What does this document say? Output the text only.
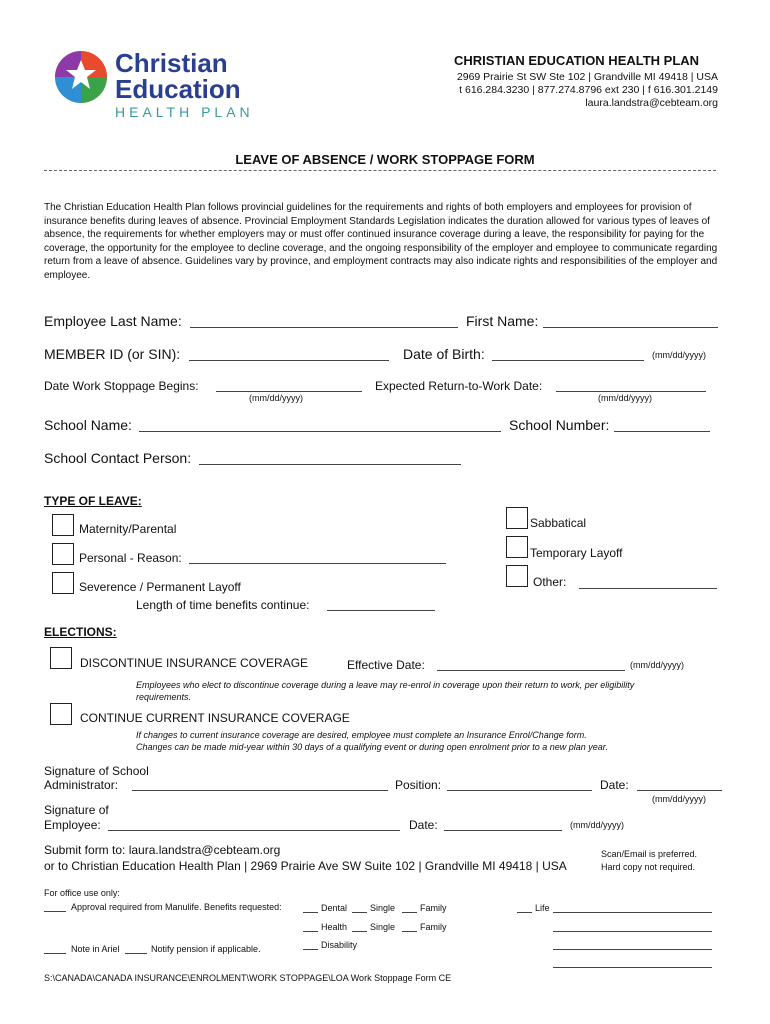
Christian
Education
HEALTH PLAN
CHRISTIAN EDUCATION HEALTH PLAN
2969 Prairie St SW Ste 102 | Grandville MI 49418 | USA
t 616.284.3230 | 877.274.8796 ext 230 | f 616.301.2149
laura.landstra@cebteam.org
LEAVE OF ABSENCE / WORK STOPPAGE FORM
The Christian Education Health Plan follows provincial guidelines for the requirements and rights of both employers and employees for provision of insurance benefits during leaves of absence. Provincial Employment Standards Legislation indicates the duration allowed for various types of leaves of absence, the requirements for whether employers may or must offer continued insurance coverage during a leave, the responsibility for paying for the coverage, the opportunity for the employee to decline coverage, and the ongoing responsibility of the employer and employee to communicate regarding return from a leave of absence. Guidelines vary by province, and employment contracts may also indicate rights and responsibilities of the employer and employee.
Employee Last Name:	First Name:
MEMBER ID (or SIN):	Date of Birth:	(mm/dd/yyyy)
Date Work Stoppage Begins:
(mm/dd/yyyy)
Expected Return-to-Work Date:
(mm/dd/yyyy)
School Name:	School Number:
School Contact Person:
TYPE OF LEAVE:
Maternity/Parental
Personal - Reason:
Severence / Permanent Layoff
Length of time benefits continue:
Sabbatical
Temporary Layoff
Other:
ELECTIONS:
DISCONTINUE INSURANCE COVERAGE	Effective Date:	(mm/dd/yyyy)
Employees who elect to discontinue coverage during a leave may re-enrol in coverage upon their return to work, per eligibility requirements.
CONTINUE CURRENT INSURANCE COVERAGE
If changes to current insurance coverage are desired, employee must complete an Insurance Enrol/Change form.
Changes can be made mid-year within 30 days of a qualifying event or during open enrolment prior to a new plan year.
Signature of School
Administrator:	Position:	Date:
(mm/dd/yyyy)
Signature of
Employee:	Date:	(mm/dd/yyyy)
Submit form to: laura.landstra@cebteam.org
or to Christian Education Health Plan | 2969 Prairie Ave SW Suite 102 | Grandville MI 49418 | USA
Scan/Email is preferred.
Hard copy not required.
For office use only:
Approval required from Manulife. Benefits requested:	Dental	Single	Family	Life
Health	Single	Family
Disability
Note in Ariel	Notify pension if applicable.
S:\CANADA\CANADA INSURANCE\ENROLMENT\WORK STOPPAGE\LOA Work Stoppage Form CE
